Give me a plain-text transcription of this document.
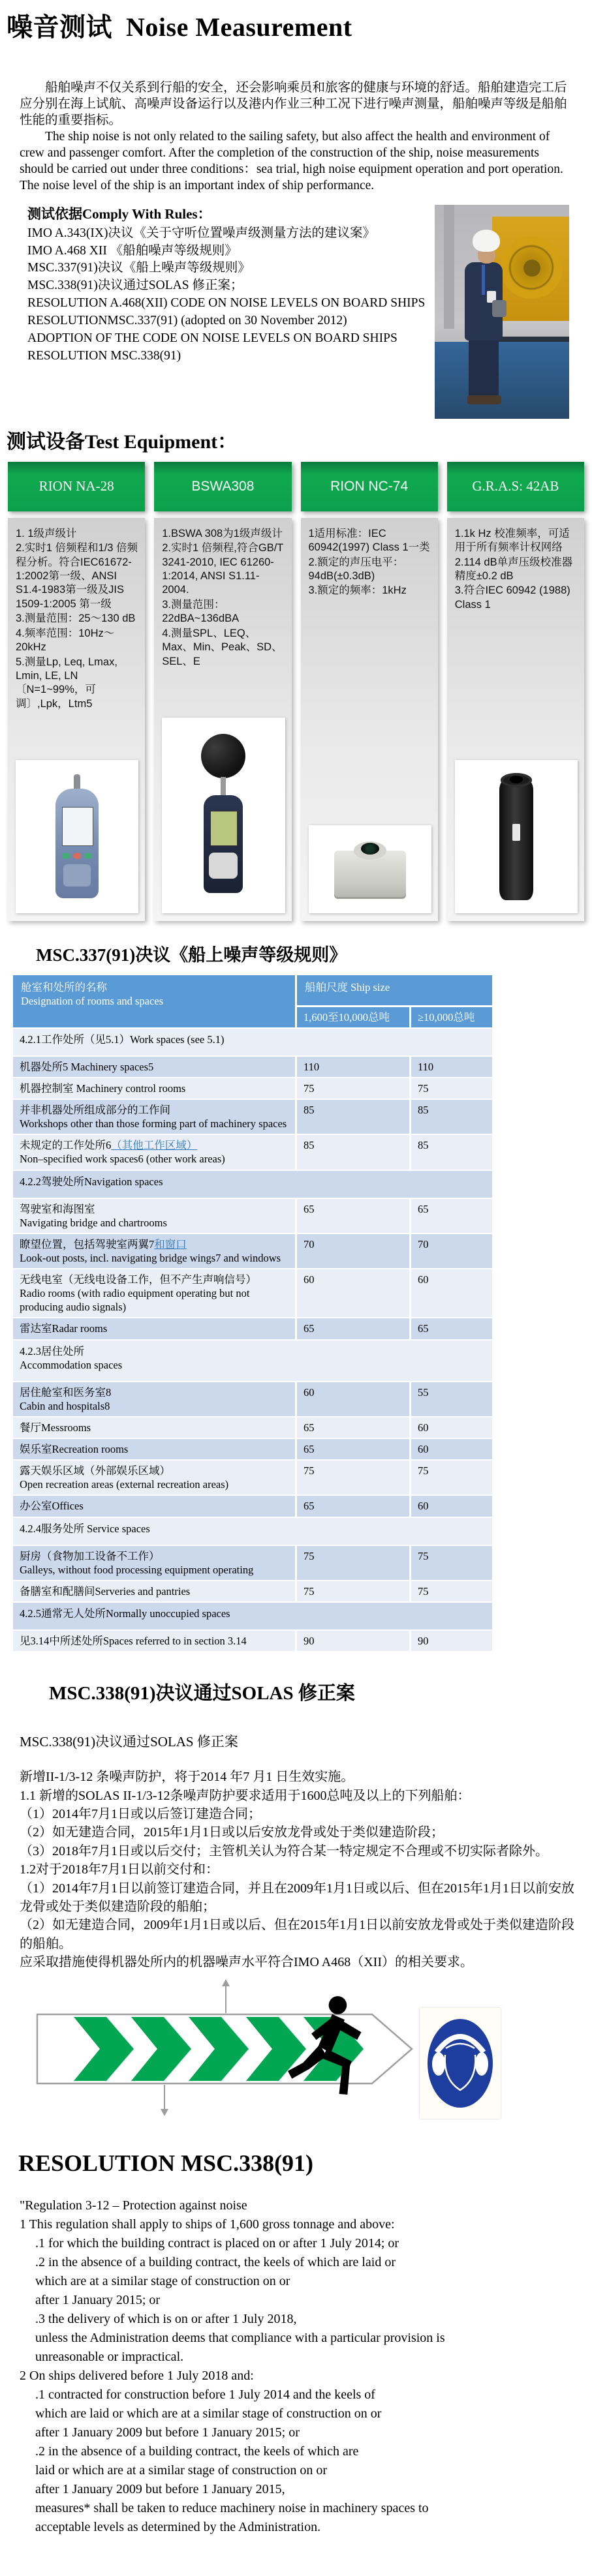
噪音测试 Noise Measurement

船舶噪声不仅关系到行船的安全，还会影响乘员和旅客的健康与环境的舒适。船舶建造完工后应分别在海上试航、高噪声设备运行以及港内作业三种工况下进行噪声测量，船舶噪声等级是船舶性能的重要指标。

The ship noise is not only related to the sailing safety, but also affect the health and environment of crew and passenger comfort. After the completion of the construction of the ship, noise measurements should be carried out under three conditions：sea trial, high noise equipment operation and port operation. The noise level of the ship is an important index of ship performance.

测试依据Comply With Rules：
IMO A.343(IX)决议《关于守听位置噪声级测量方法的建议案》
IMO A.468 XII 《船舶噪声等级规则》
MSC.337(91)决议《船上噪声等级规则》
MSC.338(91)决议通过SOLAS 修正案；
RESOLUTION A.468(XII) CODE ON NOISE LEVELS ON BOARD SHIPS
RESOLUTIONMSC.337(91) (adopted on 30 November 2012)
ADOPTION OF THE CODE ON NOISE LEVELS ON BOARD SHIPS
RESOLUTION MSC.338(91)
测试设备Test Equipment：
RION NA-28
1. 1级声级计
2.实时1 倍频程和1/3 倍频程分析。符合IEC61672-1:2002第一级、ANSI S1.4-1983第一级及JIS 1509-1:2005 第一级
3.测量范围：25～130 dB
4.频率范围：10Hz～20kHz
5.测量Lp, Leq, Lmax, Lmin, LE, LN〔N=1~99%，可调〕,Lpk，Ltm5
BSWA308
1.BSWA 308为1级声级计
2.实时1 倍频程,符合GB/T 3241-2010, IEC 61260-1:2014, ANSI S1.11-2004.
3.测量范围：22dBA~136dBA
4.测量SPL、LEQ、Max、Min、Peak、SD、SEL、E
RION NC-74
1适用标准：IEC 60942(1997) Class 1一类
2.额定的声压电平：94dB(±0.3dB)
3.额定的频率：1kHz
G.R.A.S: 42AB
1.1k Hz 校准频率，可适用于所有频率计权网络
2.114 dB单声压级校准器精度±0.2 dB
3.符合IEC 60942 (1988) Class 1
MSC.337(91)决议《船上噪声等级规则》
舱室和处所的名称
Designation of rooms and spaces
船舶尺度 Ship size
1,600至10,000总吨	≥10,000总吨
4.2.1工作处所（见5.1）Work spaces (see 5.1)
机器处所5 Machinery spaces5	110	110
机器控制室 Machinery control rooms	75	75
并非机器处所组成部分的工作间
Workshops other than those forming part of machinery spaces
85	85
未规定的工作处所6（其他工作区域）
Non–specified work spaces6 (other work areas)
85	85
4.2.2驾驶处所Navigation spaces
驾驶室和海图室
Navigating bridge and chartrooms
65	65
瞭望位置，包括驾驶室两翼7和窗口
Look-out posts, incl. navigating bridge wings7 and windows
70	70
无线电室（无线电设备工作，但不产生声响信号）
Radio rooms (with radio equipment operating but not producing audio signals)
60	60
雷达室Radar rooms	65	65
4.2.3居住处所
Accommodation spaces
居住舱室和医务室8
Cabin and hospitals8
60	55
餐厅Messrooms	65	60
娱乐室Recreation rooms	65	60
露天娱乐区域（外部娱乐区域）
Open recreation areas (external recreation areas)
75	75
办公室Offices	65	60
4.2.4服务处所 Service spaces
厨房（食物加工设备不工作）
Galleys, without food processing equipment operating
75	75
备膳室和配膳间Serveries and pantries	75	75
4.2.5通常无人处所Normally unoccupied spaces
见3.14中所述处所Spaces referred to in section 3.14	90	90
MSC.338(91)决议通过SOLAS 修正案
MSC.338(91)决议通过SOLAS 修正案
新增II-1/3-12 条噪声防护，将于2014 年7 月1 日生效实施。
1.1 新增的SOLAS II-1/3-12条噪声防护要求适用于1600总吨及以上的下列船舶：
（1）2014年7月1日或以后签订建造合同；
（2）如无建造合同，2015年1月1日或以后安放龙骨或处于类似建造阶段；
（3）2018年7月1日或以后交付；主管机关认为符合某一特定规定不合理或不切实际者除外。
1.2对于2018年7月1日以前交付和：
（1）2014年7月1日以前签订建造合同，并且在2009年1月1日或以后、但在2015年1月1日以前安放龙骨或处于类似建造阶段的船舶；
（2）如无建造合同，2009年1月1日或以后、但在2015年1月1日以前安放龙骨或处于类似建造阶段的船舶。
应采取措施使得机器处所内的机器噪声水平符合IMO A468（XII）的相关要求。
RESOLUTION MSC.338(91)
"Regulation 3-12 – Protection against noise
1 This regulation shall apply to ships of 1,600 gross tonnage and above:
.1 for which the building contract is placed on or after 1 July 2014; or
.2 in the absence of a building contract, the keels of which are laid or
which are at a similar stage of construction on or
after 1 January 2015; or
.3 the delivery of which is on or after 1 July 2018,
unless the Administration deems that compliance with a particular provision is
unreasonable or impractical.
2 On ships delivered before 1 July 2018 and:
.1 contracted for construction before 1 July 2014 and the keels of
which are laid or which are at a similar stage of construction on or
after 1 January 2009 but before 1 January 2015; or
.2 in the absence of a building contract, the keels of which are
laid or which are at a similar stage of construction on or
after 1 January 2009 but before 1 January 2015,
measures* shall be taken to reduce machinery noise in machinery spaces to
acceptable levels as determined by the Administration.
